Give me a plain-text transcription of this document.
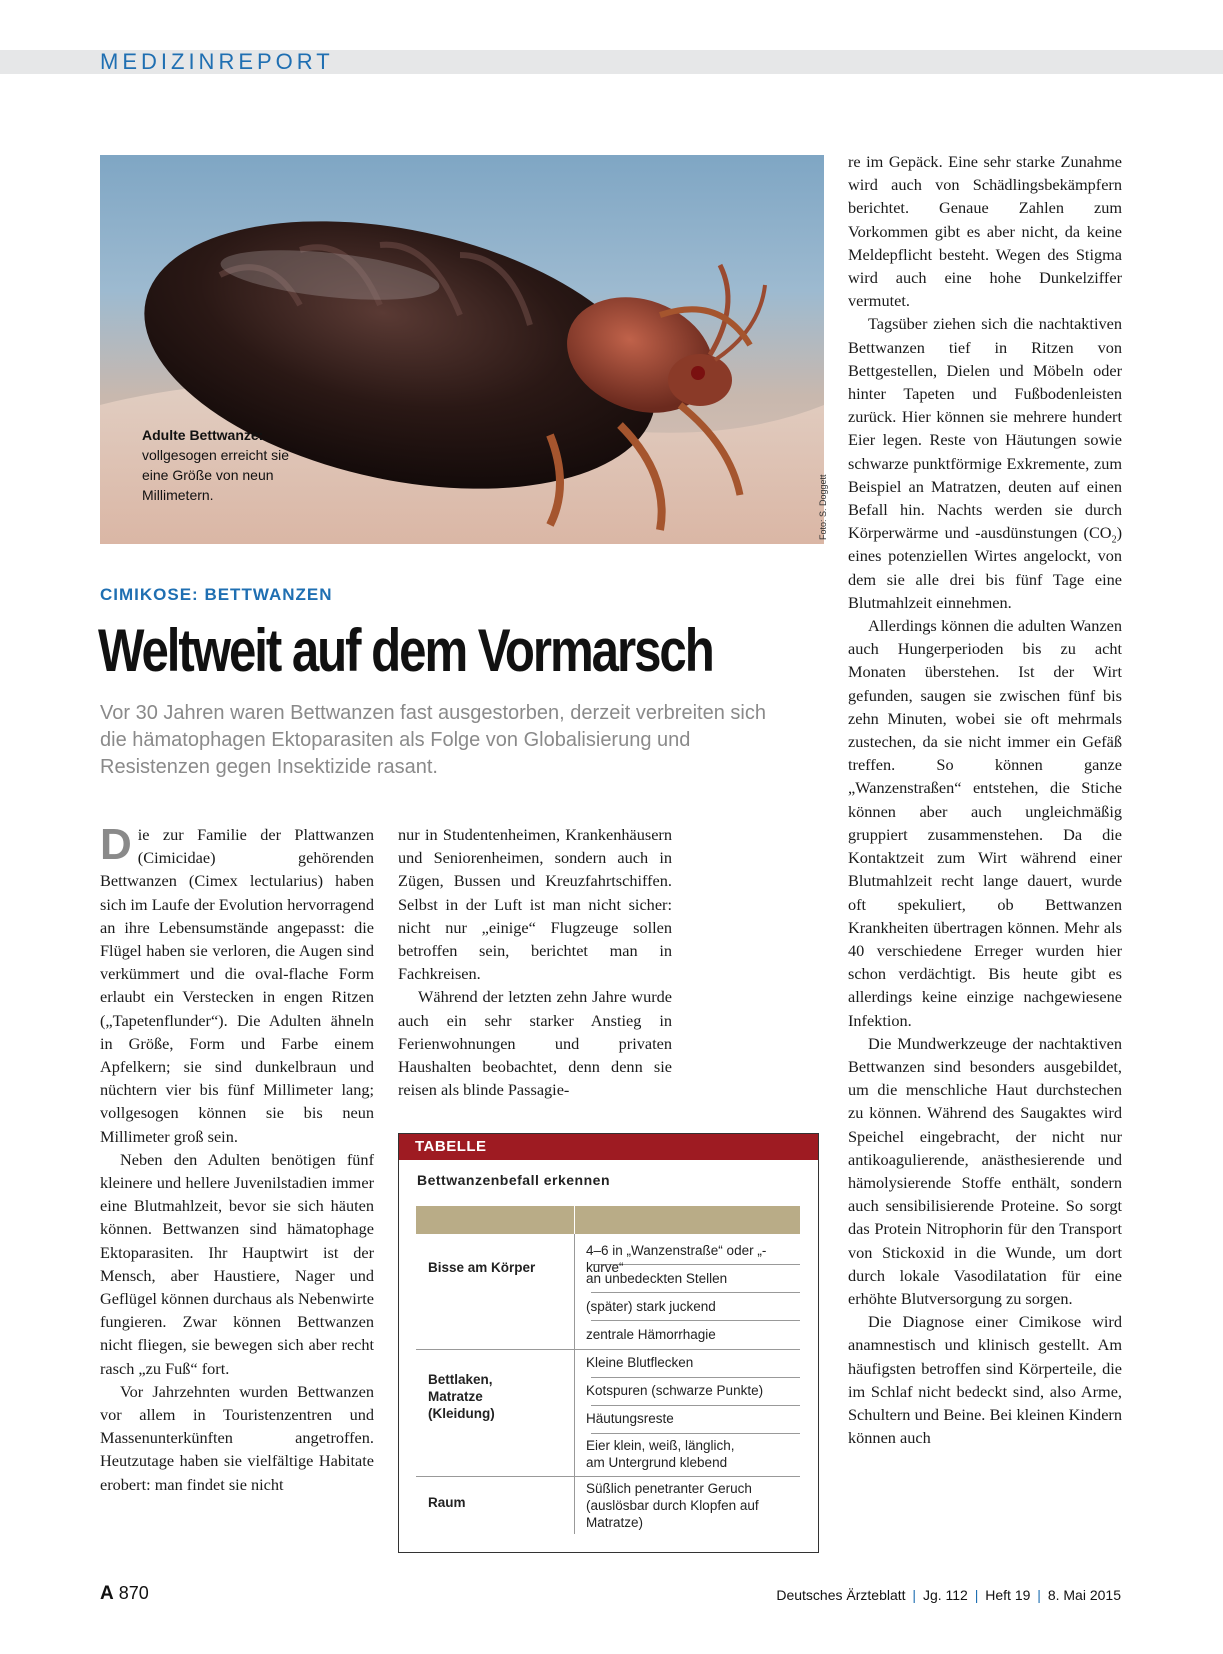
MEDIZINREPORT
Adulte Bettwanze:
vollgesogen erreicht sie eine Größe von neun Millimetern.	Foto: S. Doggett
CIMIKOSE: BETTWANZEN
Weltweit auf dem Vormarsch
Vor 30 Jahren waren Bettwanzen fast ausgestorben, derzeit verbreiten sich die hämatophagen Ektoparasiten als Folge von Globalisierung und Resistenzen gegen Insektizide rasant.

Die zur Familie der Plattwanzen (Cimicidae) gehörenden Bettwanzen (Cimex lectularius) haben sich im Laufe der Evolution hervorragend an ihre Lebensumstände angepasst: die Flügel haben sie verloren, die Augen sind verkümmert und die oval-flache Form erlaubt ein Verstecken in engen Ritzen („Tapetenflunder“). Die Adulten ähneln in Größe, Form und Farbe einem Apfelkern; sie sind dunkelbraun und nüchtern vier bis fünf Millimeter lang; vollgesogen können sie bis neun Millimeter groß sein.

Neben den Adulten benötigen fünf kleinere und hellere Juvenilstadien immer eine Blutmahlzeit, bevor sie sich häuten können. Bettwanzen sind hämatophage Ektoparasiten. Ihr Hauptwirt ist der Mensch, aber Haustiere, Nager und Geflügel können durchaus als Nebenwirte fungieren. Zwar können Bettwanzen nicht fliegen, sie bewegen sich aber recht rasch „zu Fuß“ fort.

Vor Jahrzehnten wurden Bettwanzen vor allem in Touristenzentren und Massenunterkünften angetroffen. Heutzutage haben sie vielfältige Habitate erobert: man findet sie nicht

nur in Studentenheimen, Krankenhäusern und Seniorenheimen, sondern auch in Zügen, Bussen und Kreuzfahrtschiffen. Selbst in der Luft ist man nicht sicher: nicht nur „einige“ Flugzeuge sollen betroffen sein, berichtet man in Fachkreisen.

Während der letzten zehn Jahre wurde auch ein sehr starker Anstieg in Ferienwohnungen und privaten Haushalten beobachtet, denn denn sie reisen als blinde Passagie-

re im Gepäck. Eine sehr starke Zunahme wird auch von Schädlingsbekämpfern berichtet. Genaue Zahlen zum Vorkommen gibt es aber nicht, da keine Meldepflicht besteht. Wegen des Stigma wird auch eine hohe Dunkelziffer vermutet.

Tagsüber ziehen sich die nachtaktiven Bettwanzen tief in Ritzen von Bettgestellen, Dielen und Möbeln oder hinter Tapeten und Fußbodenleisten zurück. Hier können sie mehrere hundert Eier legen. Reste von Häutungen sowie schwarze punktförmige Exkremente, zum Beispiel an Matratzen, deuten auf einen Befall hin. Nachts werden sie durch Körperwärme und -ausdünstungen $(CO_2)$ eines potenziellen Wirtes angelockt, von dem sie alle drei bis fünf Tage eine Blutmahlzeit einnehmen.

Allerdings können die adulten Wanzen auch Hungerperioden bis zu acht Monaten überstehen. Ist der Wirt gefunden, saugen sie zwischen fünf bis zehn Minuten, wobei sie oft mehrmals zustechen, da sie nicht immer ein Gefäß treffen. So können ganze „Wanzenstraßen“ entstehen, die Stiche können aber auch ungleichmäßig gruppiert zusammenstehen. Da die Kontaktzeit zum Wirt während einer Blutmahlzeit recht lange dauert, wurde oft spekuliert, ob Bettwanzen Krankheiten übertragen können. Mehr als 40 verschiedene Erreger wurden hier schon verdächtigt. Bis heute gibt es allerdings keine einzige nachgewiesene Infektion.

Die Mundwerkzeuge der nachtaktiven Bettwanzen sind besonders ausgebildet, um die menschliche Haut durchstechen zu können. Während des Saugaktes wird Speichel eingebracht, der nicht nur antikoagulierende, anästhesierende und hämolysierende Stoffe enthält, sondern auch sensibilisierende Proteine. So sorgt das Protein Nitrophorin für den Transport von Stickoxid in die Wunde, um dort durch lokale Vasodilatation für eine erhöhte Blutversorgung zu sorgen.

Die Diagnose einer Cimikose wird anamnestisch und klinisch gestellt. Am häufigsten betroffen sind Körperteile, die im Schlaf nicht bedeckt sind, also Arme, Schultern und Beine. Bei kleinen Kindern können auch

TABELLE
Bettwanzenbefall erkennen
Bisse am Körper
4–6 in „Wanzenstraße“ oder „-kurve“
an unbedeckten Stellen
(später) stark juckend
zentrale Hämorrhagie
Bettlaken, Matratze (Kleidung)
Kleine Blutflecken
Kotspuren (schwarze Punkte)
Häutungsreste
Eier klein, weiß, länglich, am Untergrund klebend
Raum
Süßlich penetranter Geruch (auslösbar durch Klopfen auf Matratze)
A 870	Deutsches Ärzteblatt | Jg. 112 | Heft 19 | 8. Mai 2015
